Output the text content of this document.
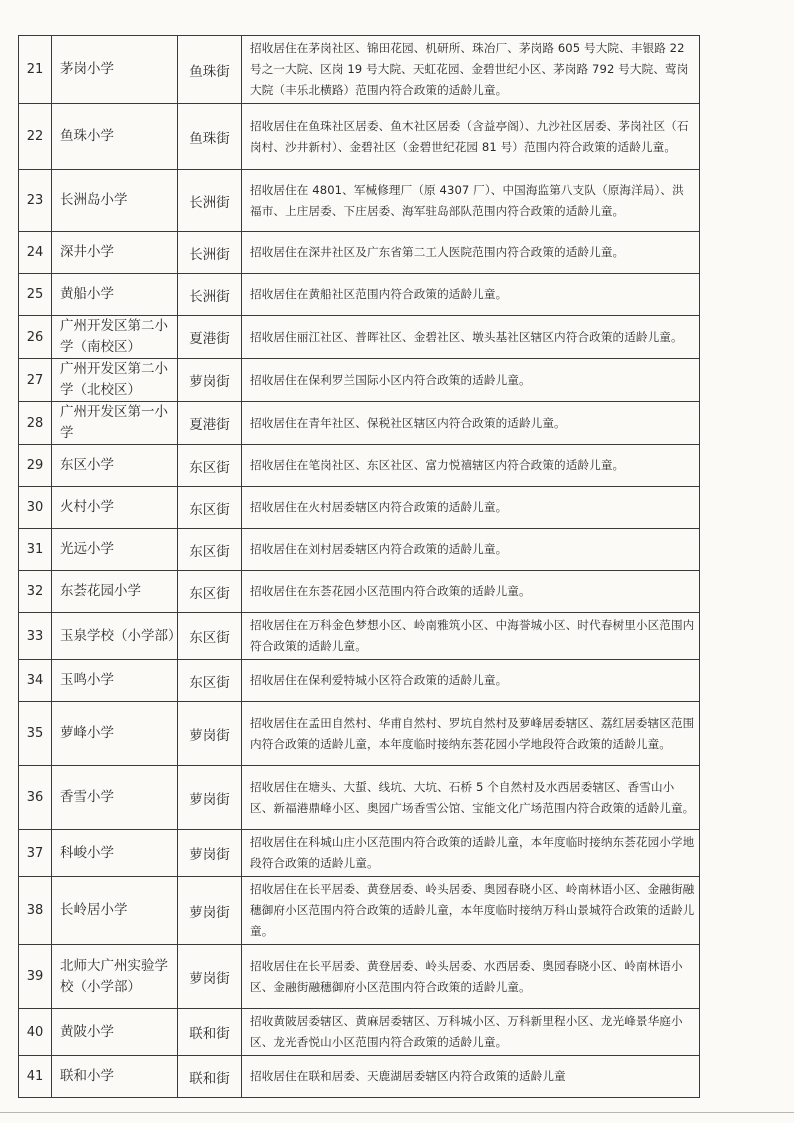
21	茅岗小学	鱼珠街	招收居住在茅岗社区、锦田花园、机研所、珠冶厂、茅岗路 605 号大院、丰银路 22 号之一大院、区岗 19 号大院、天虹花园、金碧世纪小区、茅岗路 792 号大院、莺岗大院（丰乐北横路）范围内符合政策的适龄儿童。
22	鱼珠小学	鱼珠街	招收居住在鱼珠社区居委、鱼木社区居委（含益亭阁）、九沙社区居委、茅岗社区（石岗村、沙井新村）、金碧社区（金碧世纪花园 81 号）范围内符合政策的适龄儿童。
23	长洲岛小学	长洲街	招收居住在 4801、军械修理厂（原 4307 厂）、中国海监第八支队（原海洋局）、洪福市、上庄居委、下庄居委、海军驻岛部队范围内符合政策的适龄儿童。
24	深井小学	长洲街	招收居住在深井社区及广东省第二工人医院范围内符合政策的适龄儿童。
25	黄船小学	长洲街	招收居住在黄船社区范围内符合政策的适龄儿童。
26	广州开发区第二小学（南校区）	夏港街	招收居住丽江社区、普晖社区、金碧社区、墩头基社区辖区内符合政策的适龄儿童。
27	广州开发区第二小学（北校区）	萝岗街	招收居住在保利罗兰国际小区内符合政策的适龄儿童。
28	广州开发区第一小学	夏港街	招收居住在青年社区、保税社区辖区内符合政策的适龄儿童。
29	东区小学	东区街	招收居住在笔岗社区、东区社区、富力悦禧辖区内符合政策的适龄儿童。
30	火村小学	东区街	招收居住在火村居委辖区内符合政策的适龄儿童。
31	光远小学	东区街	招收居住在刘村居委辖区内符合政策的适龄儿童。
32	东荟花园小学	东区街	招收居住在东荟花园小区范围内符合政策的适龄儿童。
33	玉泉学校（小学部）	东区街	招收居住在万科金色梦想小区、岭南雅筑小区、中海誉城小区、时代春树里小区范围内符合政策的适龄儿童。
34	玉鸣小学	东区街	招收居住在保利爱特城小区符合政策的适龄儿童。
35	萝峰小学	萝岗街	招收居住在孟田自然村、华甫自然村、罗坑自然村及萝峰居委辖区、荔红居委辖区范围内符合政策的适龄儿童，本年度临时接纳东荟花园小学地段符合政策的适龄儿童。
36	香雪小学	萝岗街	招收居住在塘头、大蜇、线坑、大坑、石桥 5 个自然村及水西居委辖区、香雪山小区、新福港鼎峰小区、奥园广场香雪公馆、宝能文化广场范围内符合政策的适龄儿童。
37	科峻小学	萝岗街	招收居住在科城山庄小区范围内符合政策的适龄儿童，本年度临时接纳东荟花园小学地段符合政策的适龄儿童。
38	长岭居小学	萝岗街	招收居住在长平居委、黄登居委、岭头居委、奥园春晓小区、岭南林语小区、金融街融穗御府小区范围内符合政策的适龄儿童，本年度临时接纳万科山景城符合政策的适龄儿童。
39	北师大广州实验学校（小学部）	萝岗街	招收居住在长平居委、黄登居委、岭头居委、水西居委、奥园春晓小区、岭南林语小区、金融街融穗御府小区范围内符合政策的适龄儿童。
40	黄陂小学	联和街	招收黄陂居委辖区、黄麻居委辖区、万科城小区、万科新里程小区、龙光峰景华庭小区、龙光香悦山小区范围内符合政策的适龄儿童。
41	联和小学	联和街	招收居住在联和居委、天鹿湖居委辖区内符合政策的适龄儿童
